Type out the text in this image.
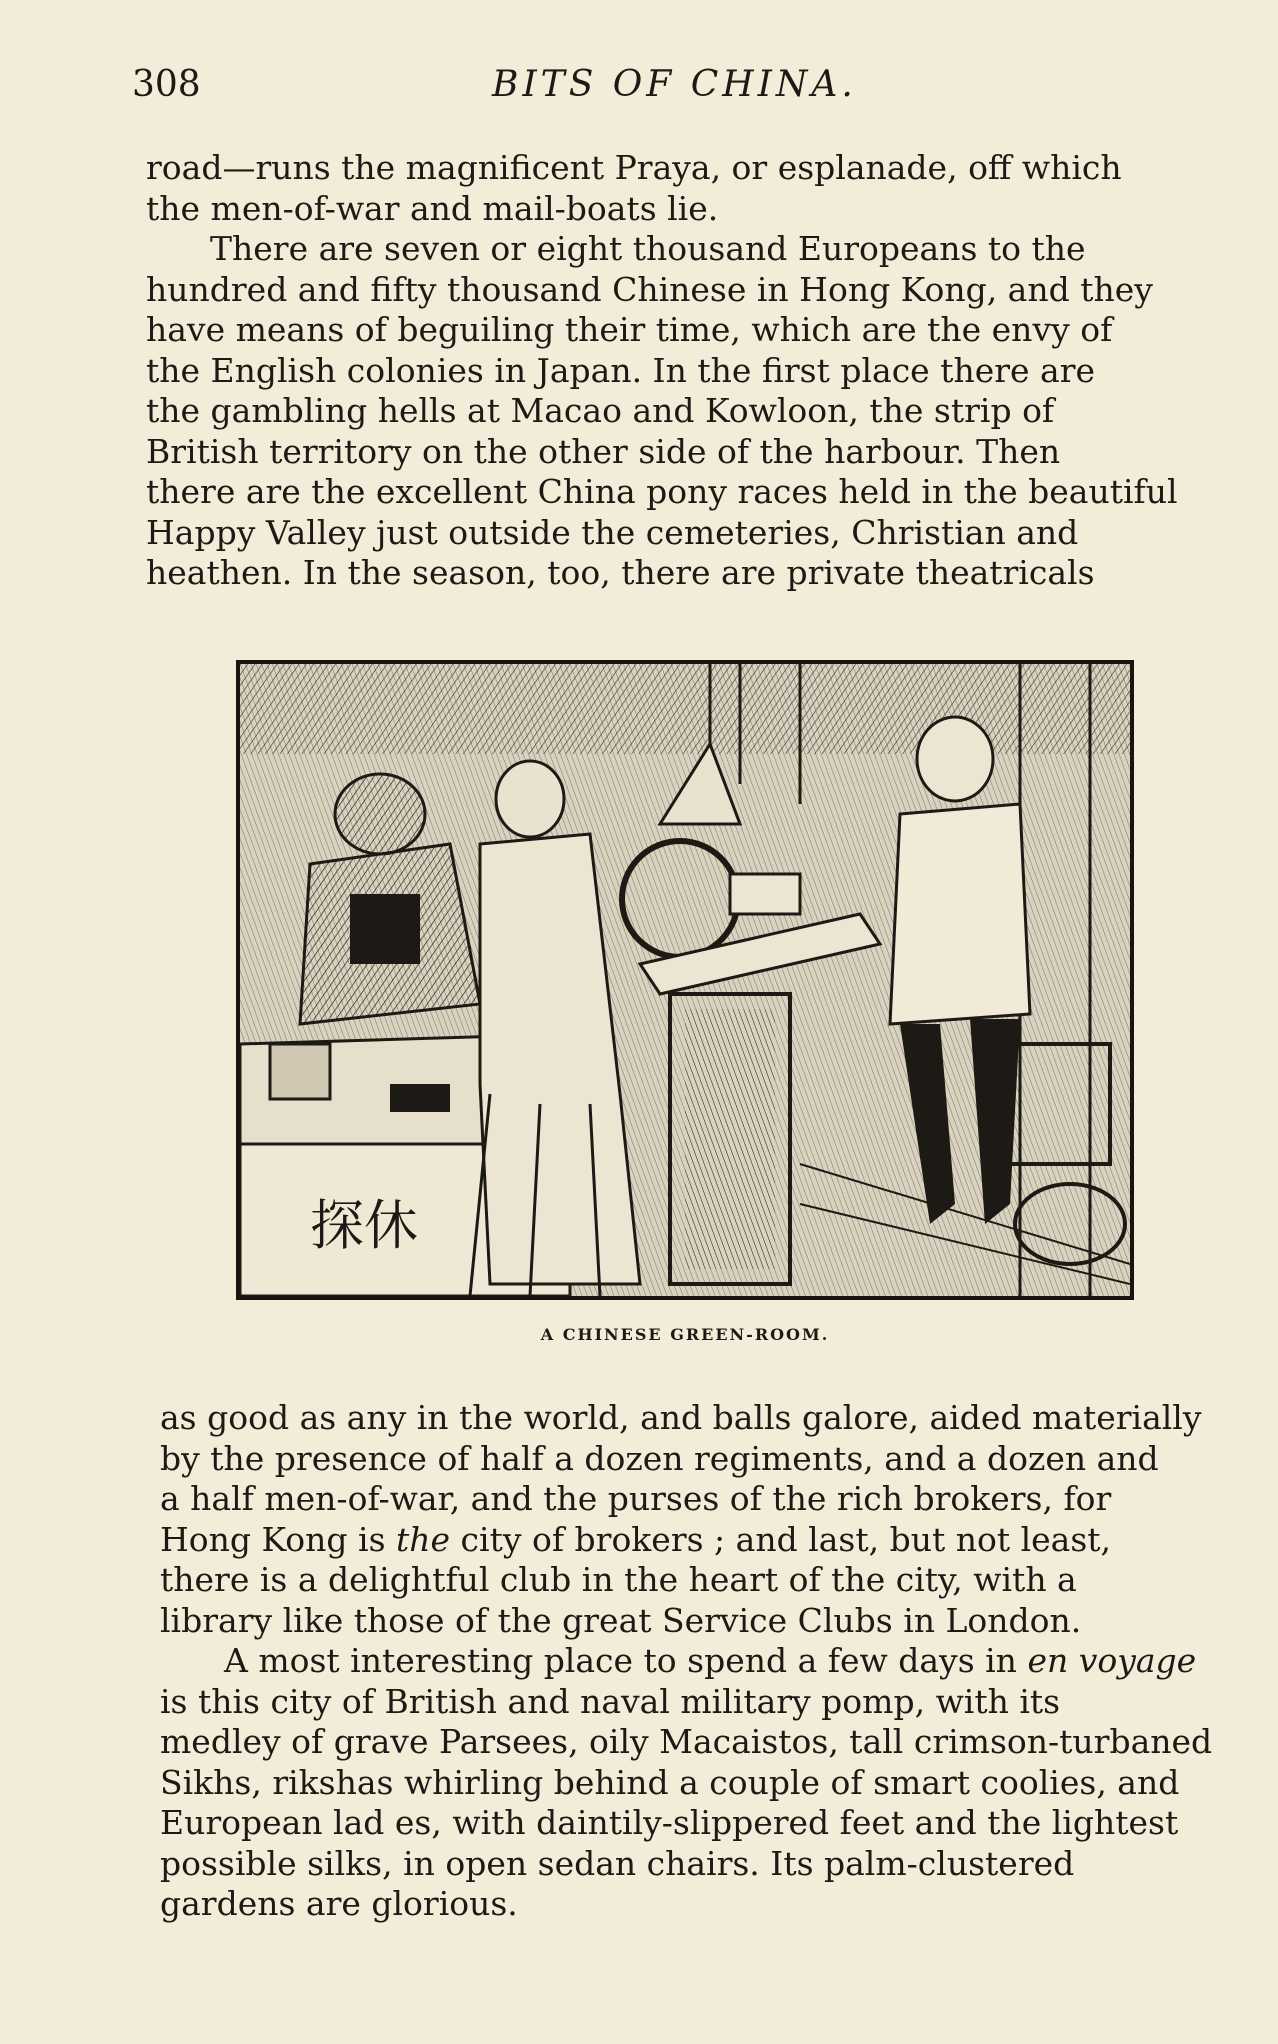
308	BITS OF CHINA.
road—runs the magnificent Praya, or esplanade, off which
the men-of-war and mail-boats lie.
There are seven or eight thousand Europeans to the
hundred and fifty thousand Chinese in Hong Kong, and they
have means of beguiling their time, which are the envy of
the English colonies in Japan. In the first place there are
the gambling hells at Macao and Kowloon, the strip of
British territory on the other side of the harbour. Then
there are the excellent China pony races held in the beautiful
Happy Valley just outside the cemeteries, Christian and
heathen. In the season, too, there are private theatricals
探休
A CHINESE GREEN-ROOM.
as good as any in the world, and balls galore, aided materially
by the presence of half a dozen regiments, and a dozen and
a half men-of-war, and the purses of the rich brokers, for
Hong Kong is the city of brokers ; and last, but not least,
there is a delightful club in the heart of the city, with a
library like those of the great Service Clubs in London.
A most interesting place to spend a few days in en voyage
is this city of British and naval military pomp, with its
medley of grave Parsees, oily Macaistos, tall crimson-turbaned
Sikhs, rikshas whirling behind a couple of smart coolies, and
European lad es, with daintily-slippered feet and the lightest
possible silks, in open sedan chairs. Its palm-clustered
gardens are glorious.
